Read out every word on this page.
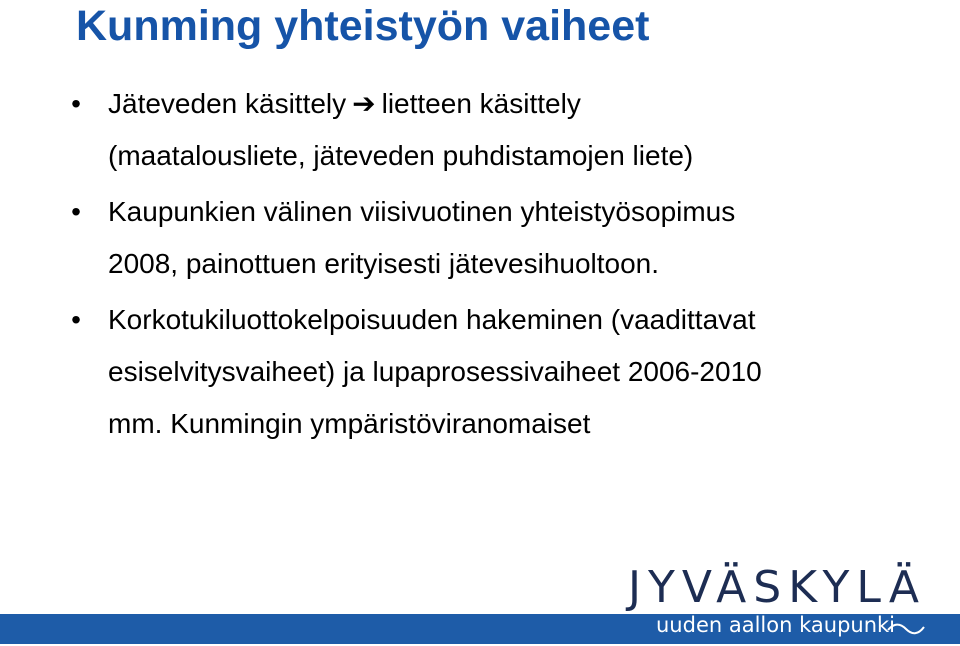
Kunming yhteistyön vaiheet
• Jäteveden käsittely ➔ lietteen käsittely
(maatalousliete, jäteveden puhdistamojen liete)
• Kaupunkien välinen viisivuotinen yhteistyösopimus
2008, painottuen erityisesti jätevesihuoltoon.
• Korkotukiluottokelpoisuuden hakeminen (vaadittavat
esiselvitysvaiheet) ja lupaprosessivaiheet 2006-2010
mm. Kunmingin ympäristöviranomaiset
JYVÄSKYLÄ
uuden aallon kaupunki
